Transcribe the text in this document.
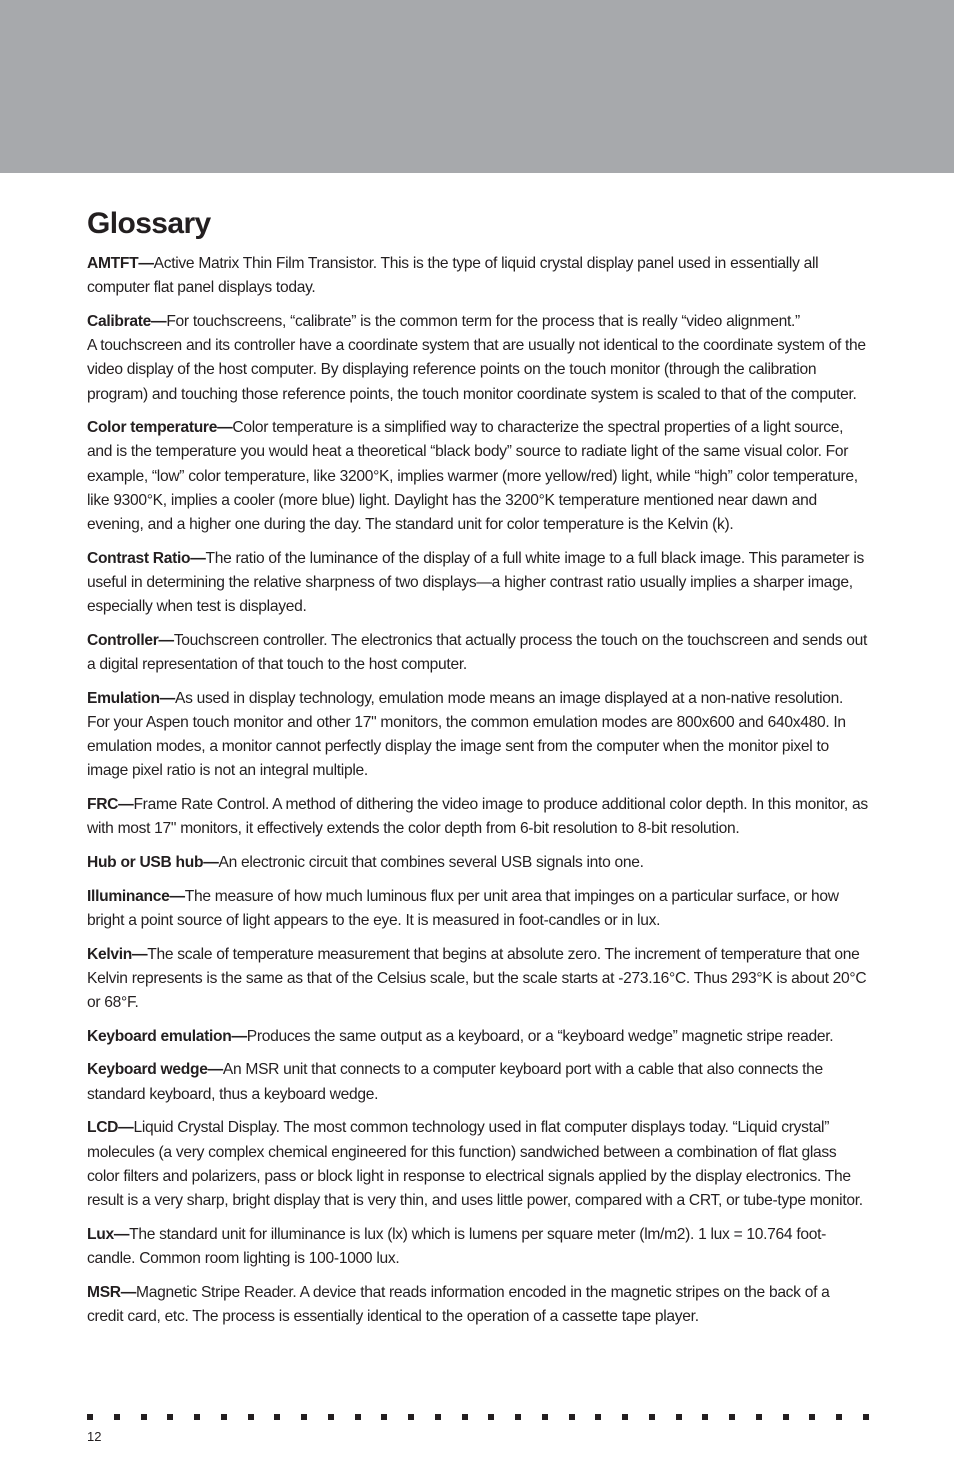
Glossary

AMTFT—Active Matrix Thin Film Transistor. This is the type of liquid crystal display panel used in essentially all computer flat panel displays today.

Calibrate—For touchscreens, “calibrate” is the common term for the process that is really “video alignment.”
A touchscreen and its controller have a coordinate system that are usually not identical to the coordinate system of the video display of the host computer. By displaying reference points on the touch monitor (through the calibration program) and touching those reference points, the touch monitor coordinate system is scaled to that of the computer.

Color temperature—Color temperature is a simplified way to characterize the spectral properties of a light source, and is the temperature you would heat a theoretical “black body” source to radiate light of the same visual color. For example, “low” color temperature, like 3200°K, implies warmer (more yellow/red) light, while “high” color temperature, like 9300°K, implies a cooler (more blue) light. Daylight has the 3200°K temperature mentioned near dawn and evening, and a higher one during the day. The standard unit for color temperature is the Kelvin (k).

Contrast Ratio—The ratio of the luminance of the display of a full white image to a full black image. This parameter is useful in determining the relative sharpness of two displays—a higher contrast ratio usually implies a sharper image, especially when test is displayed.

Controller—Touchscreen controller. The electronics that actually process the touch on the touchscreen and sends out a digital representation of that touch to the host computer.

Emulation—As used in display technology, emulation mode means an image displayed at a non-native resolution. For your Aspen touch monitor and other 17" monitors, the common emulation modes are 800x600 and 640x480. In emulation modes, a monitor cannot perfectly display the image sent from the computer when the monitor pixel to image pixel ratio is not an integral multiple.

FRC—Frame Rate Control. A method of dithering the video image to produce additional color depth. In this monitor, as with most 17" monitors, it effectively extends the color depth from 6-bit resolution to 8-bit resolution.

Hub or USB hub—An electronic circuit that combines several USB signals into one.

Illuminance—The measure of how much luminous flux per unit area that impinges on a particular surface, or how bright a point source of light appears to the eye. It is measured in foot-candles or in lux.

Kelvin—The scale of temperature measurement that begins at absolute zero. The increment of temperature that one Kelvin represents is the same as that of the Celsius scale, but the scale starts at -273.16°C. Thus 293°K is about 20°C or 68°F.

Keyboard emulation—Produces the same output as a keyboard, or a “keyboard wedge” magnetic stripe reader.

Keyboard wedge—An MSR unit that connects to a computer keyboard port with a cable that also connects the standard keyboard, thus a keyboard wedge.

LCD—Liquid Crystal Display. The most common technology used in flat computer displays today. “Liquid crystal” molecules (a very complex chemical engineered for this function) sandwiched between a combination of flat glass color filters and polarizers, pass or block light in response to electrical signals applied by the display electronics. The result is a very sharp, bright display that is very thin, and uses little power, compared with a CRT, or tube-type monitor.

Lux—The standard unit for illuminance is lux (lx) which is lumens per square meter (lm/m2). 1 lux = 10.764 foot-candle. Common room lighting is 100-1000 lux.

MSR—Magnetic Stripe Reader. A device that reads information encoded in the magnetic stripes on the back of a credit card, etc. The process is essentially identical to the operation of a cassette tape player.

12
